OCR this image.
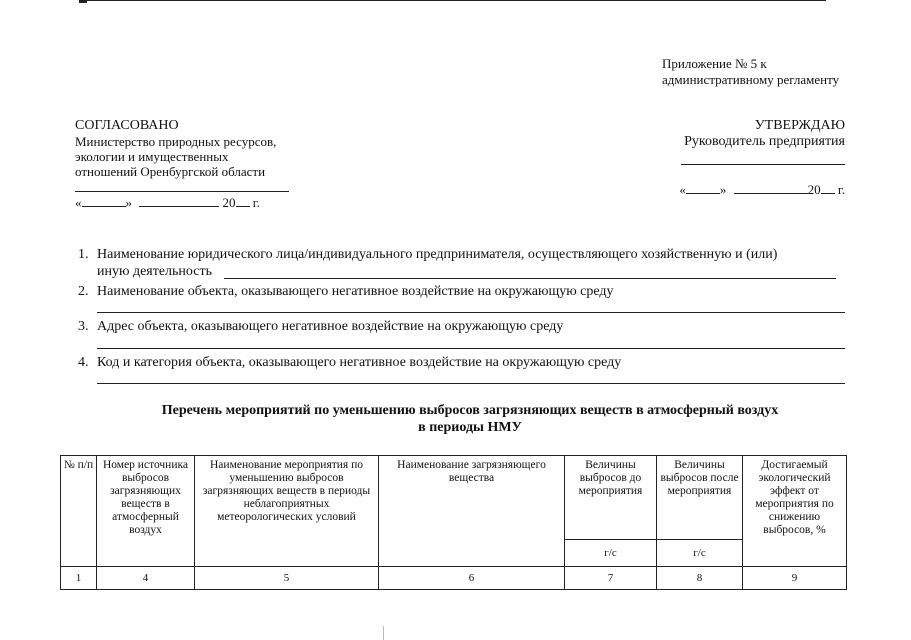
Приложение № 5 к
административному регламенту
СОГЛАСОВАНО
Министерство природных ресурсов,
экологии и имущественных
отношений Оренбургской области
«	»	20 г.
УТВЕРЖДАЮ
Руководитель предприятия
«	»	20 г.
1. Наименование юридического лица/индивидуального предпринимателя, осуществляющего хозяйственную и (или)
иную деятельность
2. Наименование объекта, оказывающего негативное воздействие на окружающую среду
3. Адрес объекта, оказывающего негативное воздействие на окружающую среду
4. Код и категория объекта, оказывающего негативное воздействие на окружающую среду
Перечень мероприятий по уменьшению выбросов загрязняющих веществ в атмосферный воздух
в периоды НМУ
№ п/п	Номер источника выбросов загрязняющих веществ в атмосферный воздух	Наименование мероприятия по уменьшению выбросов загрязняющих веществ в периоды неблагоприятных метеорологических условий	Наименование загрязняющего вещества	Величины выбросов до мероприятия	Величины выбросов после мероприятия	Достигаемый экологический эффект от мероприятия по снижению выбросов, %
				г/с	г/с	
1	4	5	6	7	8	9
